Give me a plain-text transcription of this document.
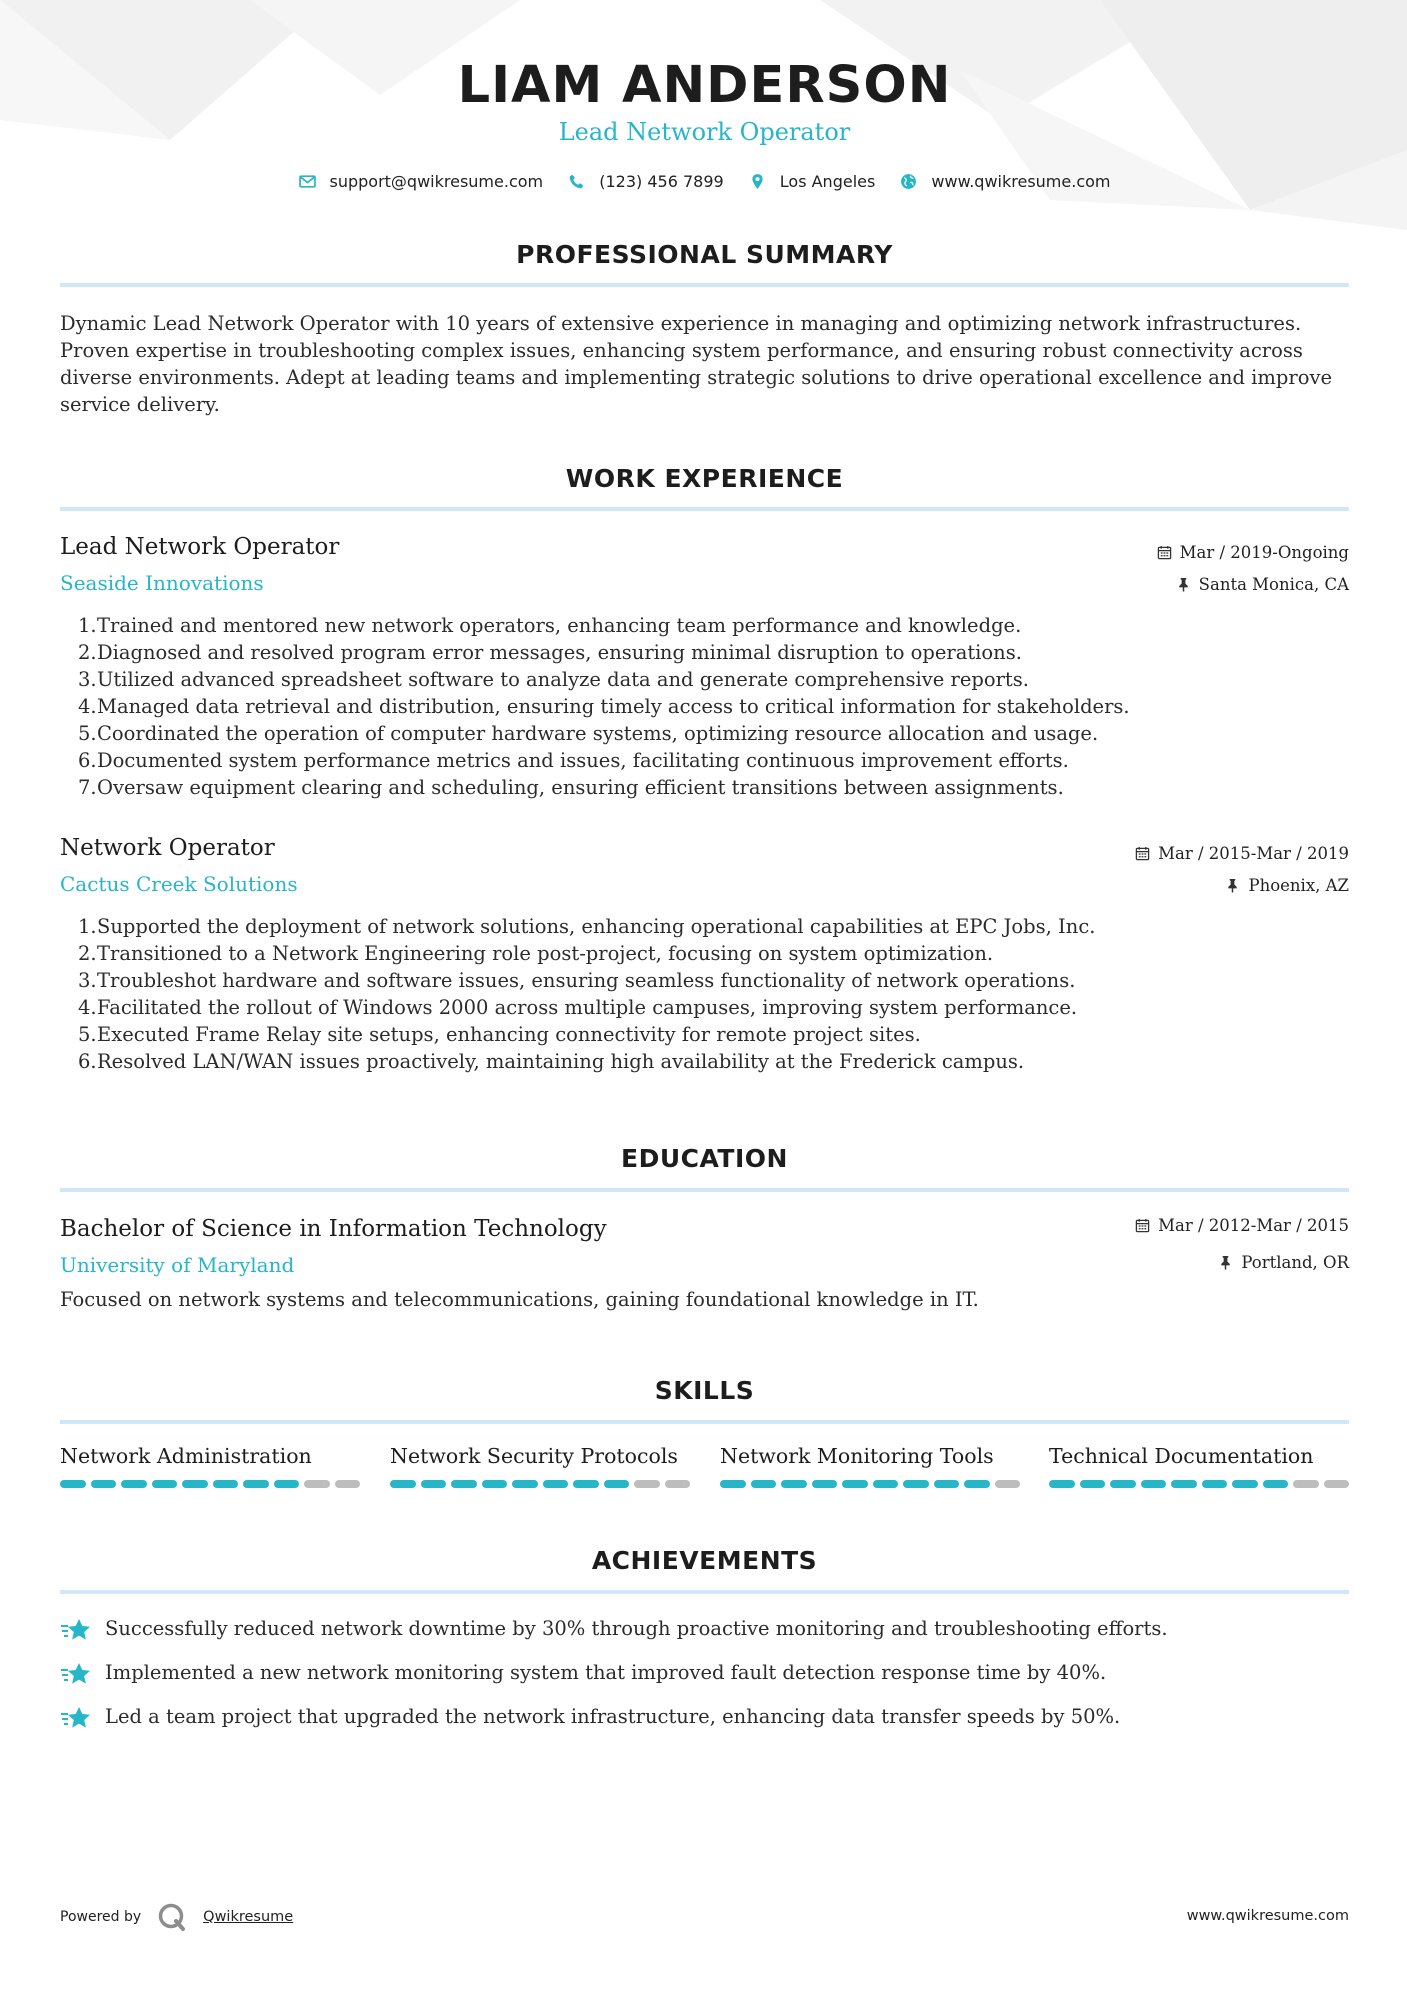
LIAM ANDERSON
Lead Network Operator
support@qwikresume.com	(123) 456 7899	Los Angeles	www.qwikresume.com
PROFESSIONAL SUMMARY
Dynamic Lead Network Operator with 10 years of extensive experience in managing and optimizing network infrastructures. Proven expertise in troubleshooting complex issues, enhancing system performance, and ensuring robust connectivity across diverse environments. Adept at leading teams and implementing strategic solutions to drive operational excellence and improve service delivery.
WORK EXPERIENCE
Lead Network Operator
Seaside Innovations
Mar / 2019-Ongoing
Santa Monica, CA
1.Trained and mentored new network operators, enhancing team performance and knowledge.
2.Diagnosed and resolved program error messages, ensuring minimal disruption to operations.
3.Utilized advanced spreadsheet software to analyze data and generate comprehensive reports.
4.Managed data retrieval and distribution, ensuring timely access to critical information for stakeholders.
5.Coordinated the operation of computer hardware systems, optimizing resource allocation and usage.
6.Documented system performance metrics and issues, facilitating continuous improvement efforts.
7.Oversaw equipment clearing and scheduling, ensuring efficient transitions between assignments.
Network Operator
Cactus Creek Solutions
Mar / 2015-Mar / 2019
Phoenix, AZ
1.Supported the deployment of network solutions, enhancing operational capabilities at EPC Jobs, Inc.
2.Transitioned to a Network Engineering role post-project, focusing on system optimization.
3.Troubleshot hardware and software issues, ensuring seamless functionality of network operations.
4.Facilitated the rollout of Windows 2000 across multiple campuses, improving system performance.
5.Executed Frame Relay site setups, enhancing connectivity for remote project sites.
6.Resolved LAN/WAN issues proactively, maintaining high availability at the Frederick campus.
EDUCATION
Bachelor of Science in Information Technology
University of Maryland
Mar / 2012-Mar / 2015
Portland, OR
Focused on network systems and telecommunications, gaining foundational knowledge in IT.
SKILLS
Network Administration	Network Security Protocols	Network Monitoring Tools	Technical Documentation
ACHIEVEMENTS
Successfully reduced network downtime by 30% through proactive monitoring and troubleshooting efforts.
Implemented a new network monitoring system that improved fault detection response time by 40%.
Led a team project that upgraded the network infrastructure, enhancing data transfer speeds by 50%.
Powered by	Qwikresume	www.qwikresume.com
